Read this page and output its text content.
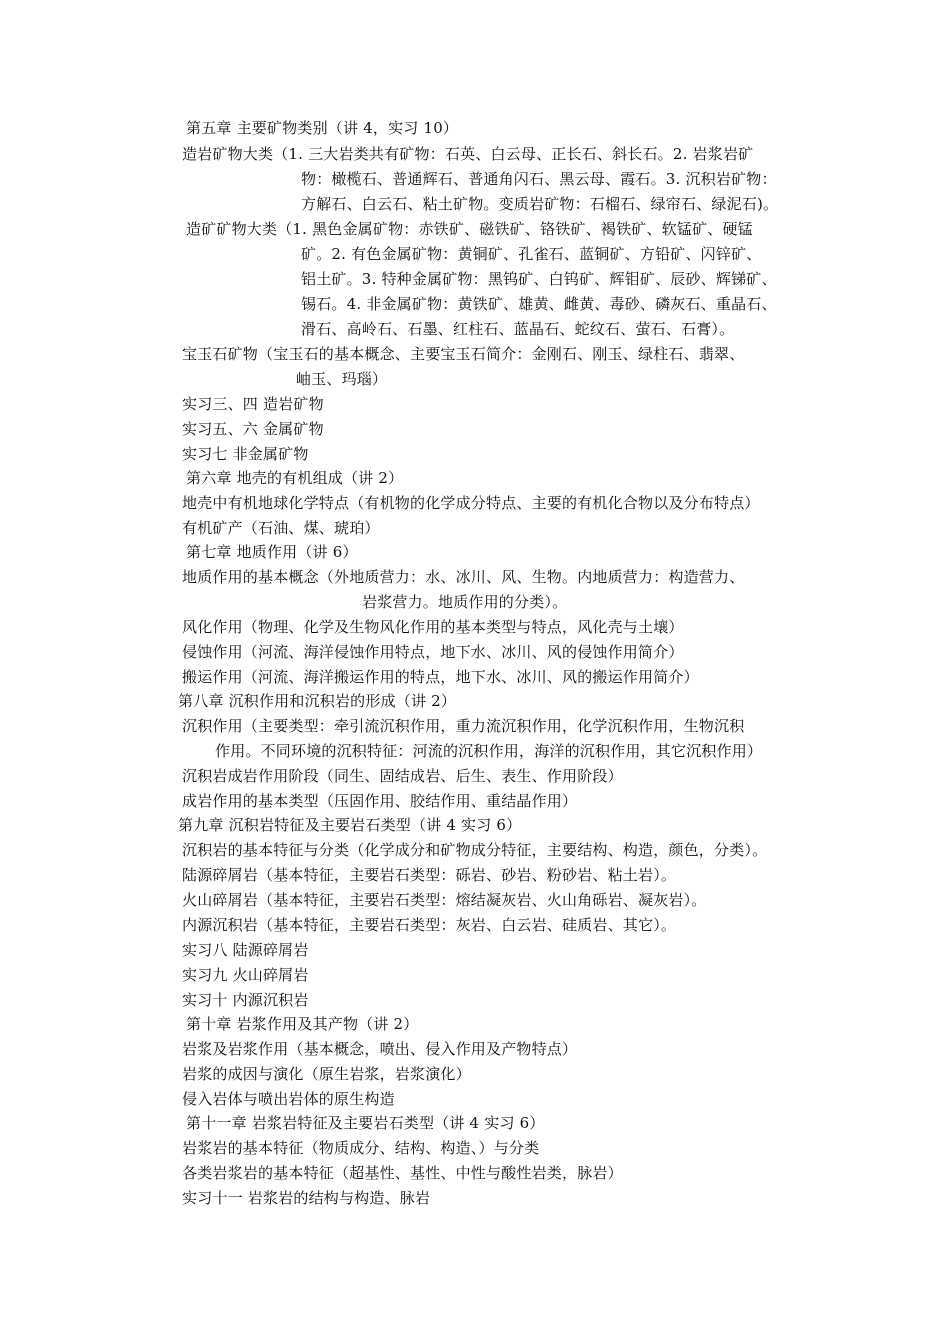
第五章 主要矿物类别（讲 4，实习 10）
造岩矿物大类（1. 三大岩类共有矿物：石英、白云母、正长石、斜长石。2. 岩浆岩矿
物：橄榄石、普通辉石、普通角闪石、黑云母、霞石。3. 沉积岩矿物：
方解石、白云石、粘土矿物。变质岩矿物：石榴石、绿帘石、绿泥石)。
造矿矿物大类（1. 黑色金属矿物：赤铁矿、磁铁矿、铬铁矿、褐铁矿、软锰矿、硬锰
矿。2. 有色金属矿物：黄铜矿、孔雀石、蓝铜矿、方铅矿、闪锌矿、
铝土矿。3. 特种金属矿物：黑钨矿、白钨矿、辉钼矿、辰砂、辉锑矿、
锡石。4. 非金属矿物：黄铁矿、雄黄、雌黄、毒砂、磷灰石、重晶石、
滑石、高岭石、石墨、红柱石、蓝晶石、蛇纹石、萤石、石膏）。
宝玉石矿物（宝玉石的基本概念、主要宝玉石简介：金刚石、刚玉、绿柱石、翡翠、
岫玉、玛瑙）
实习三、四 造岩矿物
实习五、六 金属矿物
实习七 非金属矿物
第六章 地壳的有机组成（讲 2）
地壳中有机地球化学特点（有机物的化学成分特点、主要的有机化合物以及分布特点）
有机矿产（石油、煤、琥珀）
第七章 地质作用（讲 6）
地质作用的基本概念（外地质营力：水、冰川、风、生物。内地质营力：构造营力、
岩浆营力。地质作用的分类）。
风化作用（物理、化学及生物风化作用的基本类型与特点，风化壳与土壤）
侵蚀作用（河流、海洋侵蚀作用特点，地下水、冰川、风的侵蚀作用简介）
搬运作用（河流、海洋搬运作用的特点，地下水、冰川、风的搬运作用简介）
第八章 沉积作用和沉积岩的形成（讲 2）
沉积作用（主要类型：牵引流沉积作用，重力流沉积作用，化学沉积作用，生物沉积
作用。不同环境的沉积特征：河流的沉积作用，海洋的沉积作用，其它沉积作用）
沉积岩成岩作用阶段（同生、固结成岩、后生、表生、作用阶段）
成岩作用的基本类型（压固作用、胶结作用、重结晶作用）
第九章 沉积岩特征及主要岩石类型（讲 4 实习 6）
沉积岩的基本特征与分类（化学成分和矿物成分特征，主要结构、构造，颜色，分类）。
陆源碎屑岩（基本特征，主要岩石类型：砾岩、砂岩、粉砂岩、粘土岩）。
火山碎屑岩（基本特征，主要岩石类型：熔结凝灰岩、火山角砾岩、凝灰岩）。
内源沉积岩（基本特征，主要岩石类型：灰岩、白云岩、硅质岩、其它）。
实习八 陆源碎屑岩
实习九 火山碎屑岩
实习十 内源沉积岩
第十章 岩浆作用及其产物（讲 2）
岩浆及岩浆作用（基本概念，喷出、侵入作用及产物特点）
岩浆的成因与演化（原生岩浆，岩浆演化）
侵入岩体与喷出岩体的原生构造
第十一章 岩浆岩特征及主要岩石类型（讲 4 实习 6）
岩浆岩的基本特征（物质成分、结构、构造、）与分类
各类岩浆岩的基本特征（超基性、基性、中性与酸性岩类，脉岩）
实习十一 岩浆岩的结构与构造、脉岩
